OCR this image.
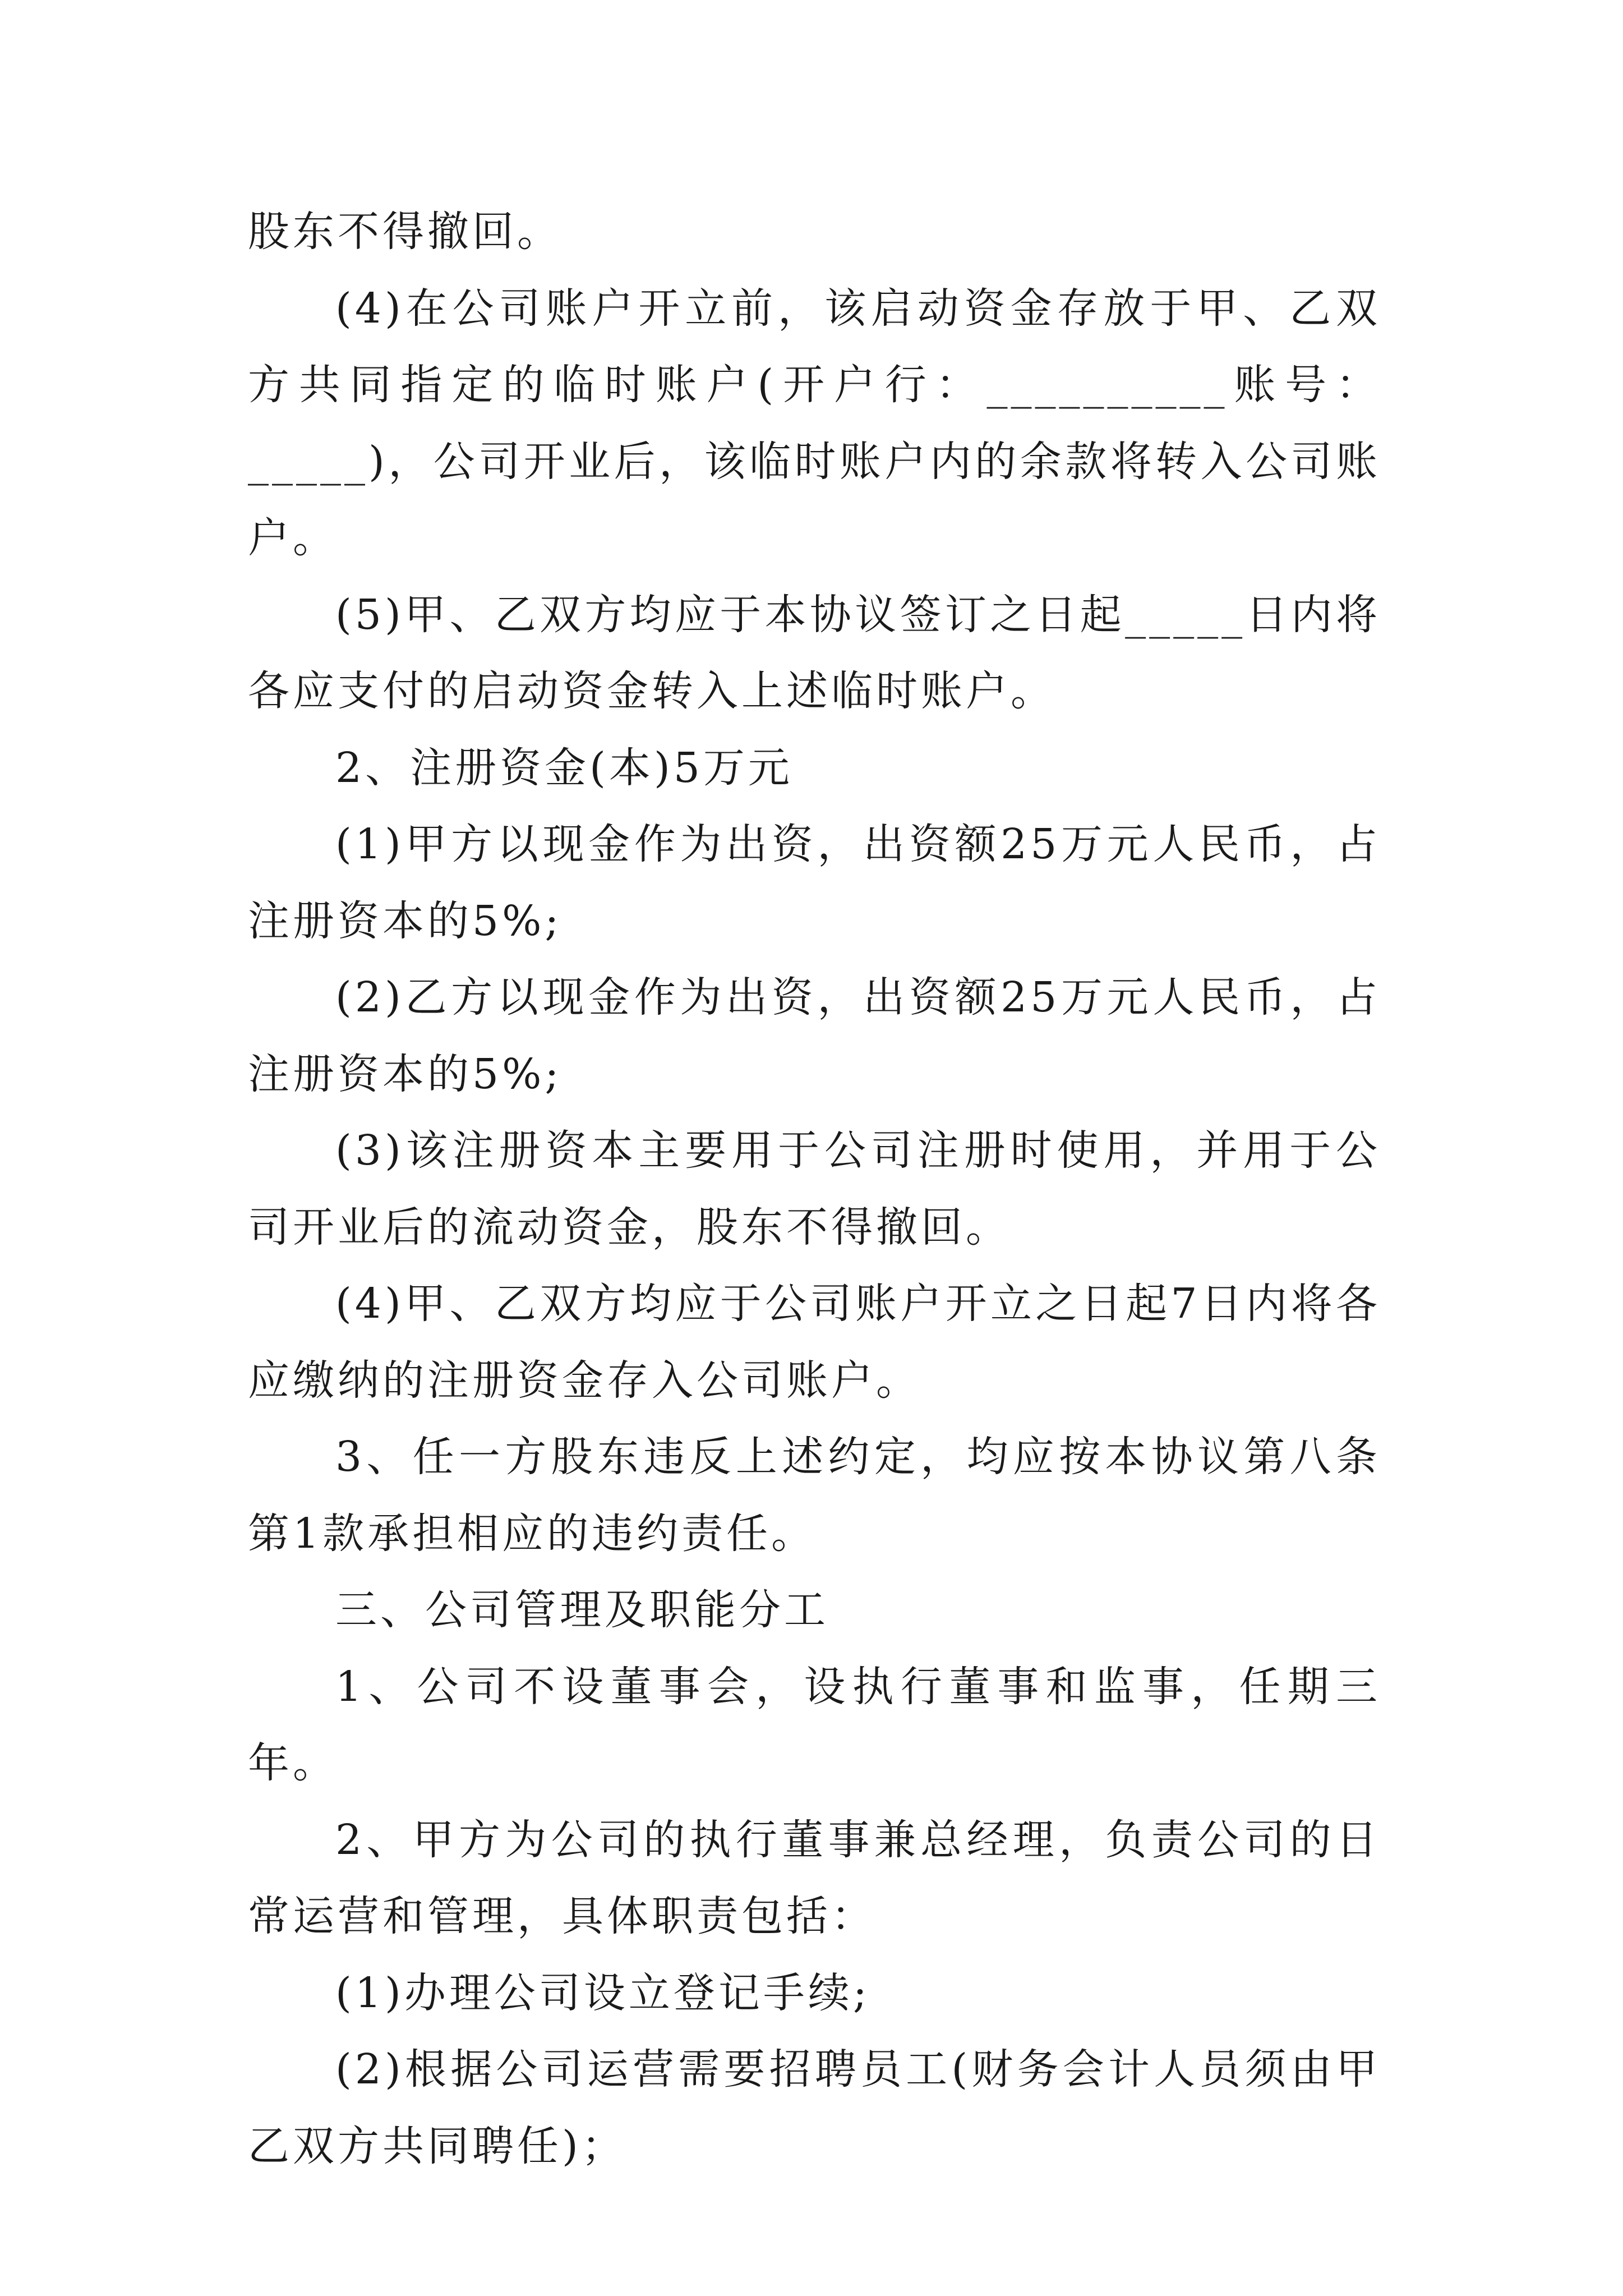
股东不得撤回。

(4)在公司账户开立前，该启动资金存放于甲、乙双方共同指定的临时账户(开户行：__________账号：_____)，公司开业后，该临时账户内的余款将转入公司账户。

(5)甲、乙双方均应于本协议签订之日起_____日内将各应支付的启动资金转入上述临时账户。

2、注册资金(本)5万元

(1)甲方以现金作为出资，出资额25万元人民币，占注册资本的5%;

(2)乙方以现金作为出资，出资额25万元人民币，占注册资本的5%;

(3)该注册资本主要用于公司注册时使用，并用于公司开业后的流动资金，股东不得撤回。

(4)甲、乙双方均应于公司账户开立之日起7日内将各应缴纳的注册资金存入公司账户。

3、任一方股东违反上述约定，均应按本协议第八条第1款承担相应的违约责任。

三、公司管理及职能分工

1、公司不设董事会，设执行董事和监事，任期三年。

2、甲方为公司的执行董事兼总经理，负责公司的日常运营和管理，具体职责包括：

(1)办理公司设立登记手续;

(2)根据公司运营需要招聘员工(财务会计人员须由甲乙双方共同聘任)；
